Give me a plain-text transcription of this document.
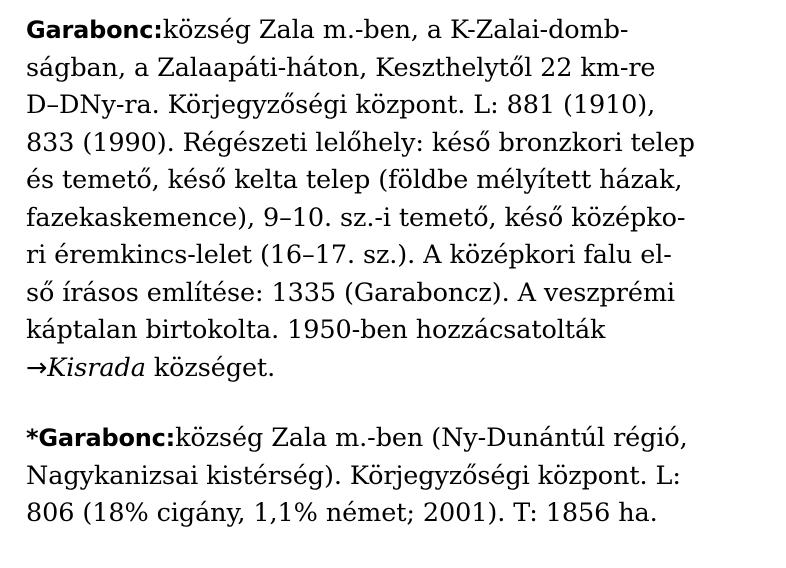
Garabonc:község Zala m.-ben, a K-Zalai-domb-
ságban, a Zalaapáti-háton, Keszthelytől 22 km-re
D–DNy-ra. Körjegyzőségi központ. L: 881 (1910),
833 (1990). Régészeti lelőhely: késő bronzkori telep
és temető, késő kelta telep (földbe mélyített házak,
fazekaskemence), 9–10. sz.-i temető, késő középko-
ri éremkincs-lelet (16–17. sz.). A középkori falu el-
ső írásos említése: 1335 (Garaboncz). A veszprémi
káptalan birtokolta. 1950-ben hozzácsatolták
→Kisrada községet.
*Garabonc:község Zala m.-ben (Ny-Dunántúl régió,
Nagykanizsai kistérség). Körjegyzőségi központ. L:
806 (18% cigány, 1,1% német; 2001). T: 1856 ha.
